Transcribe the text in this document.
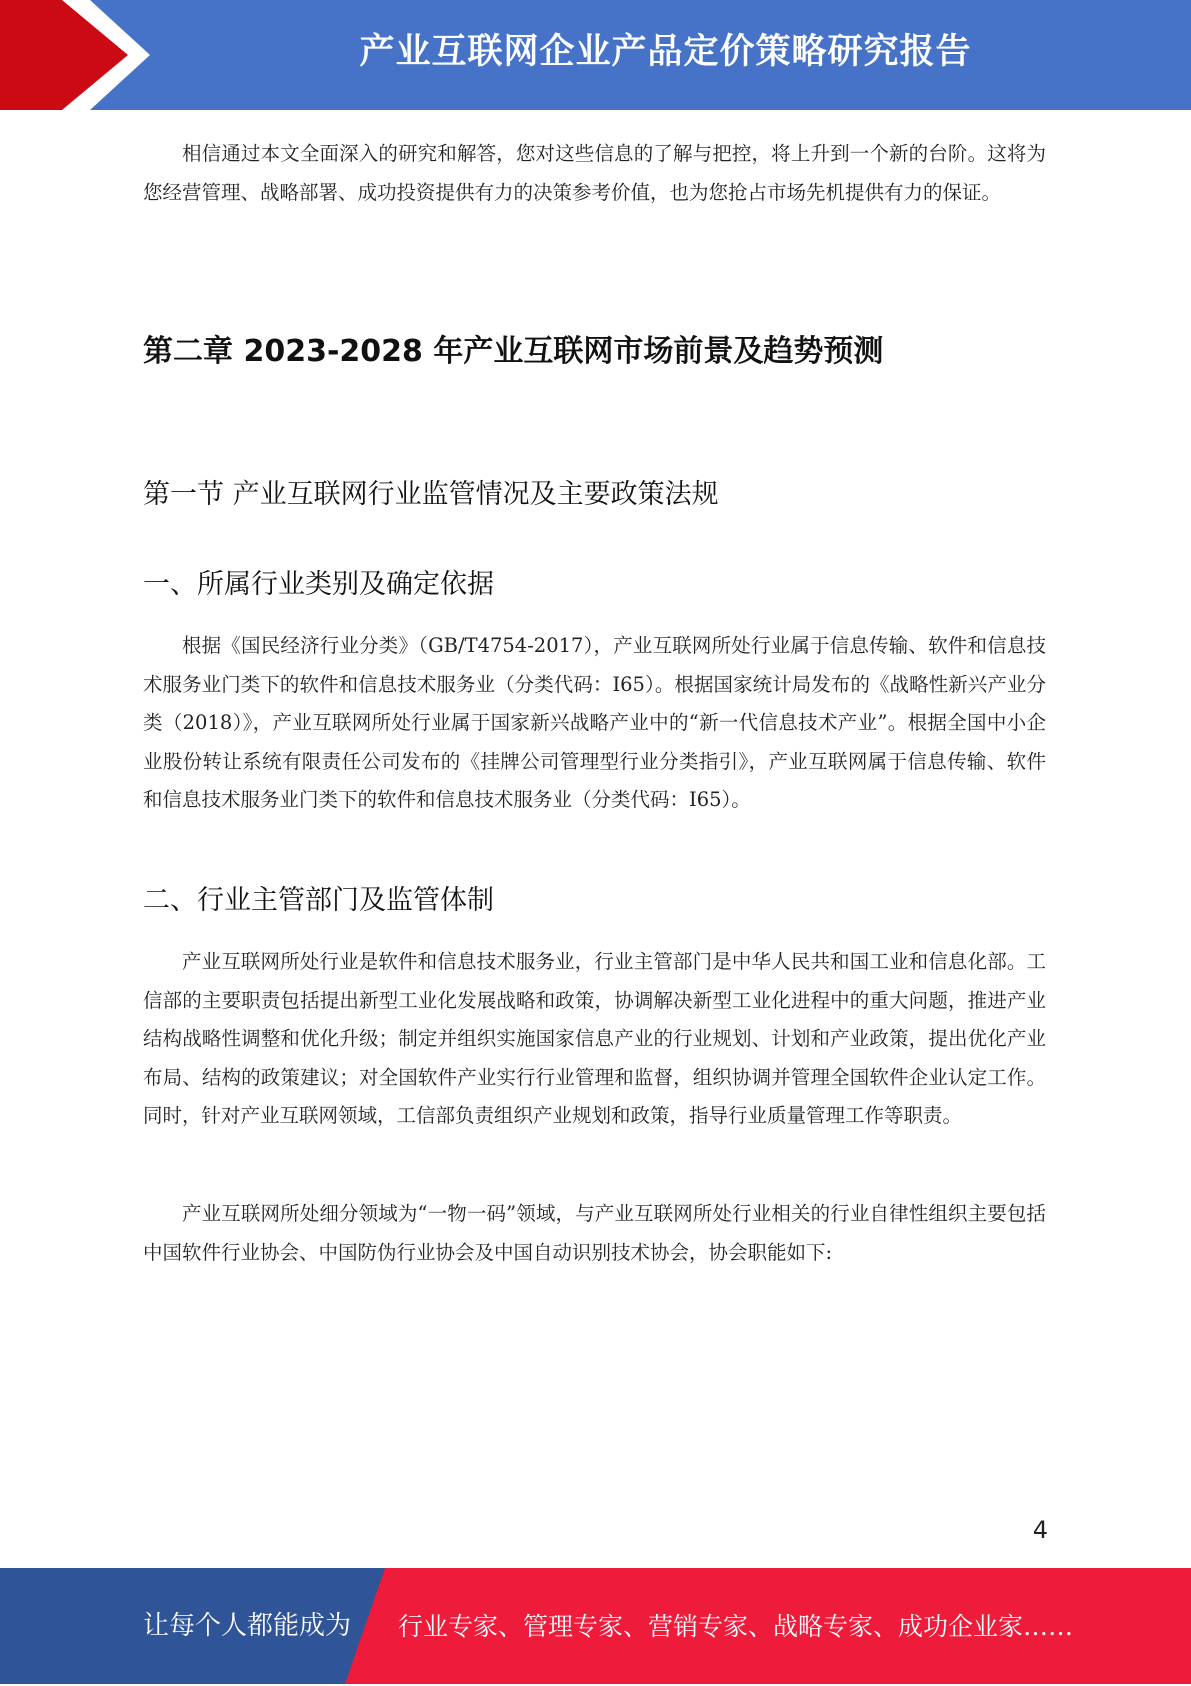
产业互联网企业产品定价策略研究报告

相信通过本文全面深入的研究和解答，您对这些信息的了解与把控，将上升到一个新的台阶。这将为您经营管理、战略部署、成功投资提供有力的决策参考价值，也为您抢占市场先机提供有力的保证。

第二章 2023-2028 年产业互联网市场前景及趋势预测
第一节 产业互联网行业监管情况及主要政策法规
一、所属行业类别及确定依据

根据《国民经济行业分类》（GB/T4754-2017），产业互联网所处行业属于信息传输、软件和信息技术服务业门类下的软件和信息技术服务业（分类代码：I65）。根据国家统计局发布的《战略性新兴产业分类（2018）》，产业互联网所处行业属于国家新兴战略产业中的“新一代信息技术产业”。根据全国中小企业股份转让系统有限责任公司发布的《挂牌公司管理型行业分类指引》，产业互联网属于信息传输、软件和信息技术服务业门类下的软件和信息技术服务业（分类代码：I65）。

二、行业主管部门及监管体制

产业互联网所处行业是软件和信息技术服务业，行业主管部门是中华人民共和国工业和信息化部。工信部的主要职责包括提出新型工业化发展战略和政策，协调解决新型工业化进程中的重大问题，推进产业结构战略性调整和优化升级；制定并组织实施国家信息产业的行业规划、计划和产业政策，提出优化产业布局、结构的政策建议；对全国软件产业实行行业管理和监督，组织协调并管理全国软件企业认定工作。同时，针对产业互联网领域，工信部负责组织产业规划和政策，指导行业质量管理工作等职责。

产业互联网所处细分领域为“一物一码”领域，与产业互联网所处行业相关的行业自律性组织主要包括中国软件行业协会、中国防伪行业协会及中国自动识别技术协会，协会职能如下:

4
让每个人都能成为 行业专家、管理专家、营销专家、战略专家、成功企业家……
